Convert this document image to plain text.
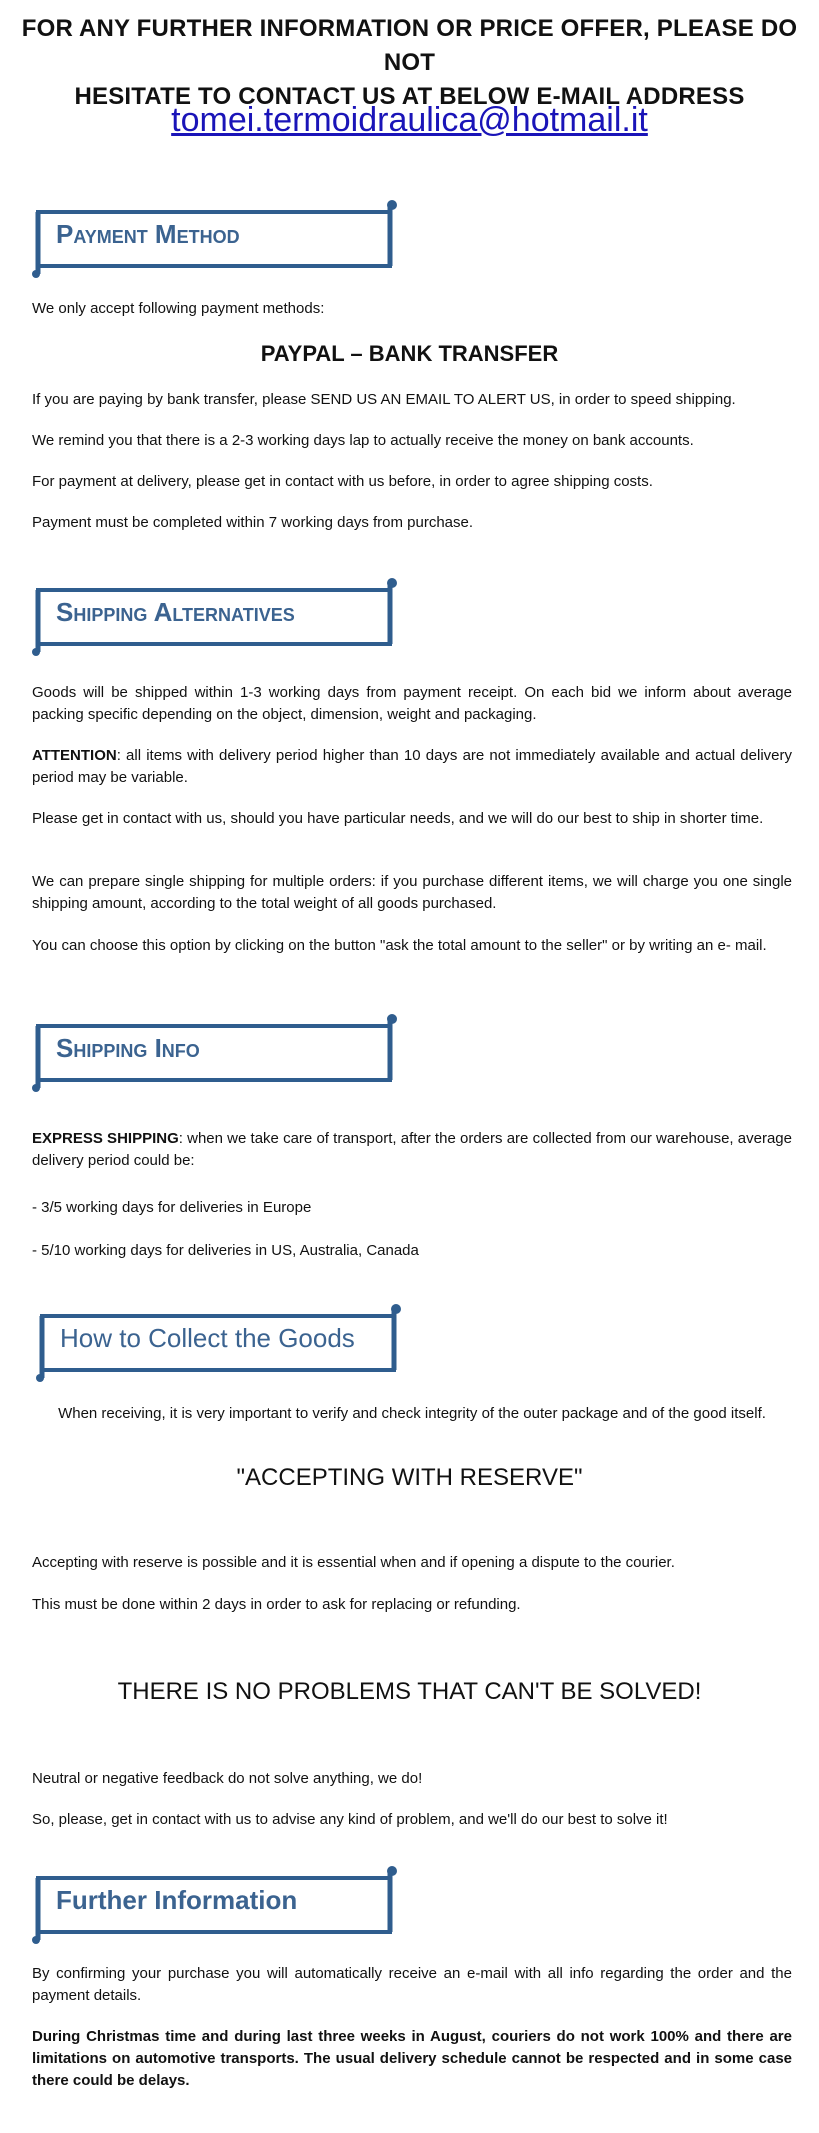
FOR ANY FURTHER INFORMATION OR PRICE OFFER, PLEASE DO NOT
HESITATE TO CONTACT US AT BELOW E-MAIL ADDRESS
tomei.termoidraulica@hotmail.it
Payment Method
We only accept following payment methods:
PAYPAL – BANK TRANSFER
If you are paying by bank transfer, please SEND US AN EMAIL TO ALERT US, in order to speed shipping.
We remind you that there is a 2-3 working days lap to actually receive the money on bank accounts.
For payment at delivery, please get in contact with us before, in order to agree shipping costs.
Payment must be completed within 7 working days from purchase.
Shipping Alternatives
Goods will be shipped within 1-3 working days from payment receipt. On each bid we inform about average packing specific depending on the object, dimension, weight and packaging.
ATTENTION: all items with delivery period higher than 10 days are not immediately available and actual delivery period may be variable.
Please get in contact with us, should you have particular needs, and we will do our best to ship in shorter time.
We can prepare single shipping for multiple orders: if you purchase different items, we will charge you one single shipping amount, according to the total weight of all goods purchased.
You can choose this option by clicking on the button "ask the total amount to the seller" or by writing an e- mail.
Shipping Info
EXPRESS SHIPPING: when we take care of transport, after the orders are collected from our warehouse, average delivery period could be:
- 3/5 working days for deliveries in Europe
- 5/10 working days for deliveries in US, Australia, Canada
How to Collect the Goods
When receiving, it is very important to verify and check integrity of the outer package and of the good itself.
"ACCEPTING WITH RESERVE"
Accepting with reserve is possible and it is essential when and if opening a dispute to the courier.
This must be done within 2 days in order to ask for replacing or refunding.
THERE IS NO PROBLEMS THAT CAN'T BE SOLVED!
Neutral or negative feedback do not solve anything, we do!
So, please, get in contact with us to advise any kind of problem, and we'll do our best to solve it!
Further Information
By confirming your purchase you will automatically receive an e-mail with all info regarding the order and the payment details.
During Christmas time and during last three weeks in August, couriers do not work 100% and there are limitations on automotive transports. The usual delivery schedule cannot be respected and in some case there could be delays.
